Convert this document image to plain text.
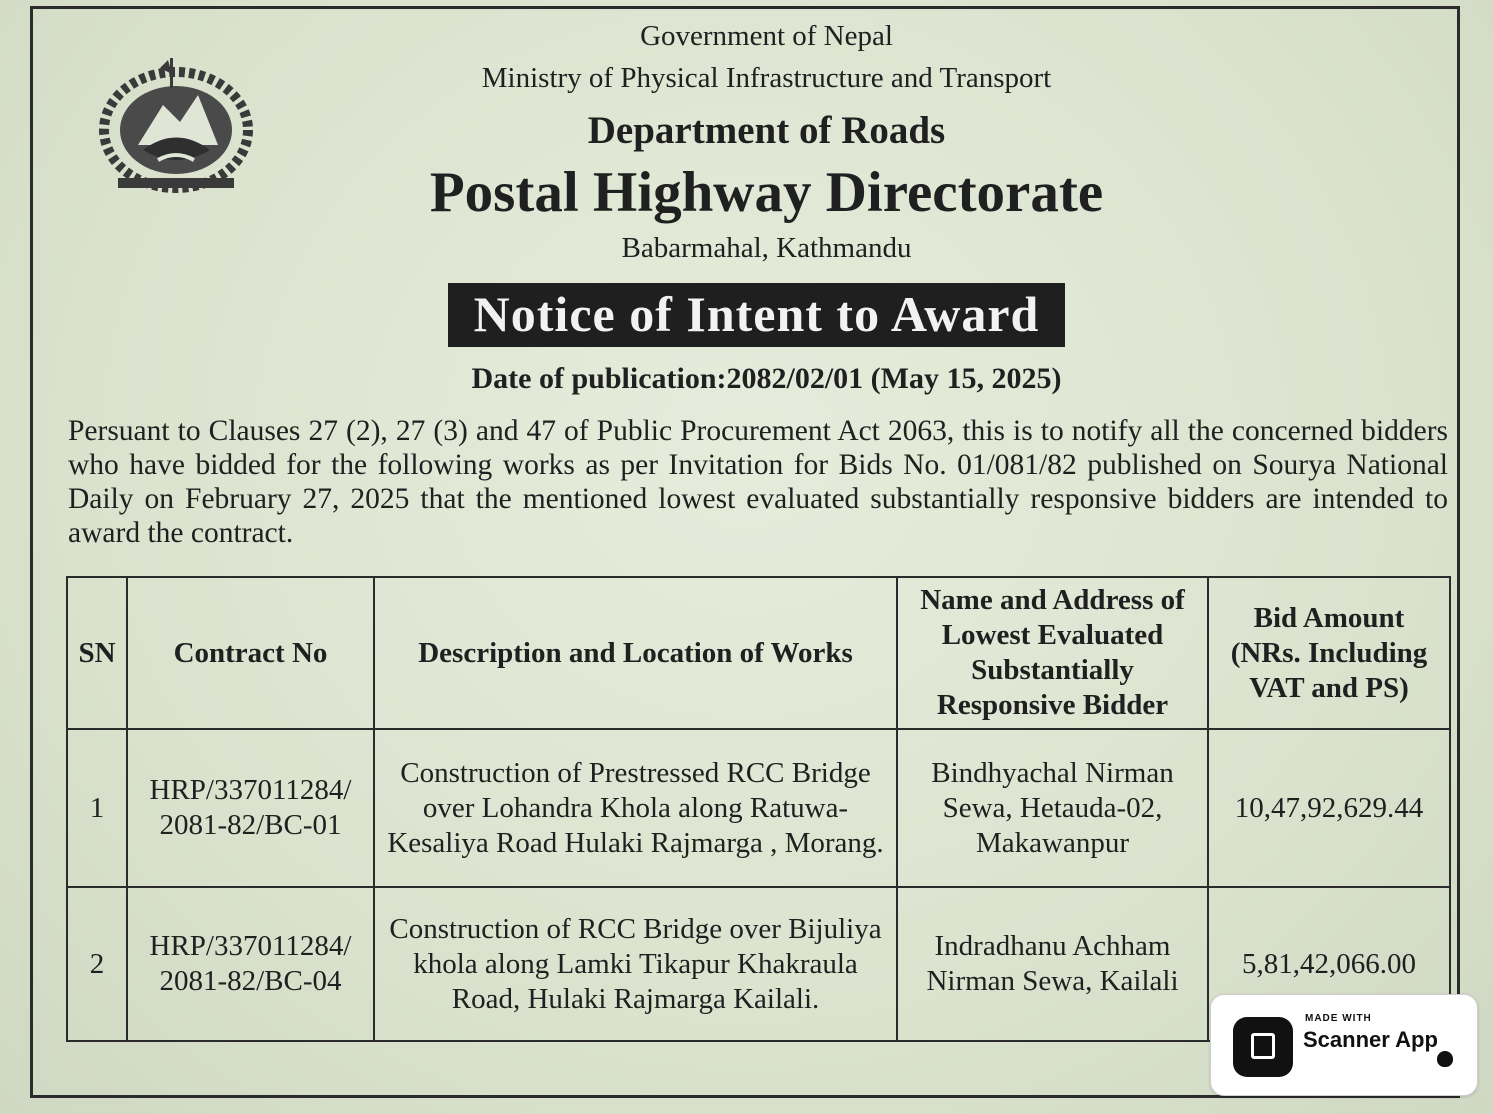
Government of Nepal

Ministry of Physical Infrastructure and Transport

Department of Roads

Postal Highway Directorate

Babarmahal, Kathmandu

Notice of Intent to Award

Date of publication:2082/02/01 (May 15, 2025)

Persuant to Clauses 27 (2), 27 (3) and 47 of Public Procurement Act 2063, this is to notify all the concerned bidders who have bidded for the following works as per Invitation for Bids No. 01/081/82 published on Sourya National Daily on February 27, 2025 that the mentioned lowest evaluated substantially responsive bidders are intended to award the contract.

SN	Contract No	Description and Location of Works	Name and Address of Lowest Evaluated Substantially Responsive Bidder	Bid Amount (NRs. Including VAT and PS)
1	HRP/337011284/ 2081-82/BC-01	Construction of Prestressed RCC Bridge over Lohandra Khola along Ratuwa- Kesaliya Road Hulaki Rajmarga , Morang.	Bindhyachal Nirman Sewa, Hetauda-02, Makawanpur	10,47,92,629.44
2	HRP/337011284/ 2081-82/BC-04	Construction of RCC Bridge over Bijuliya khola along Lamki Tikapur Khakraula Road, Hulaki Rajmarga Kailali.	Indradhanu Achham Nirman Sewa, Kailali	5,81,42,066.00
MADE WITH
Scanner App
